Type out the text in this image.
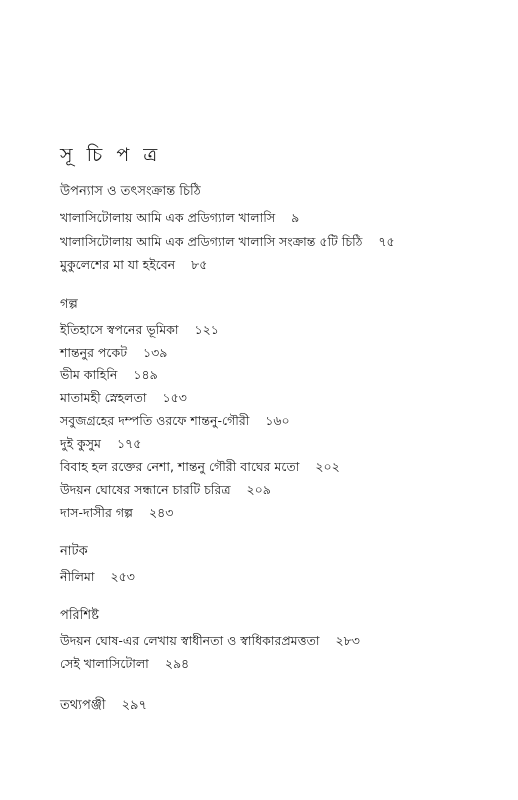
সূ চি প ত্র
উপন্যাস ও তৎসংক্রান্ত চিঠি
খালাসিটোলায় আমি এক প্রডিগ্যাল খালাসি ৯
খালাসিটোলায় আমি এক প্রডিগ্যাল খালাসি সংক্রান্ত ৫টি চিঠি ৭৫
মুকুলেশের মা যা হইবেন ৮৫
গল্প
ইতিহাসে স্বপনের ভূমিকা ১২১
শান্তনুর পকেট ১৩৯
ভীম কাহিনি ১৪৯
মাতামহী স্নেহলতা ১৫৩
সবুজগ্রহের দম্পতি ওরফে শান্তনু-গৌরী ১৬০
দুই কুসুম ১৭৫
বিবাহ হল রক্তের নেশা, শান্তনু গৌরী বাঘের মতো ২০২
উদয়ন ঘোষের সন্ধানে চারটি চরিত্র ২০৯
দাস-দাসীর গল্প ২৪৩
নাটক
নীলিমা ২৫৩
পরিশিষ্ট
উদয়ন ঘোষ-এর লেখায় স্বাধীনতা ও স্বাধিকারপ্রমত্ততা ২৮৩
সেই খালাসিটোলা ২৯৪
তথ্যপঞ্জী ২৯৭
